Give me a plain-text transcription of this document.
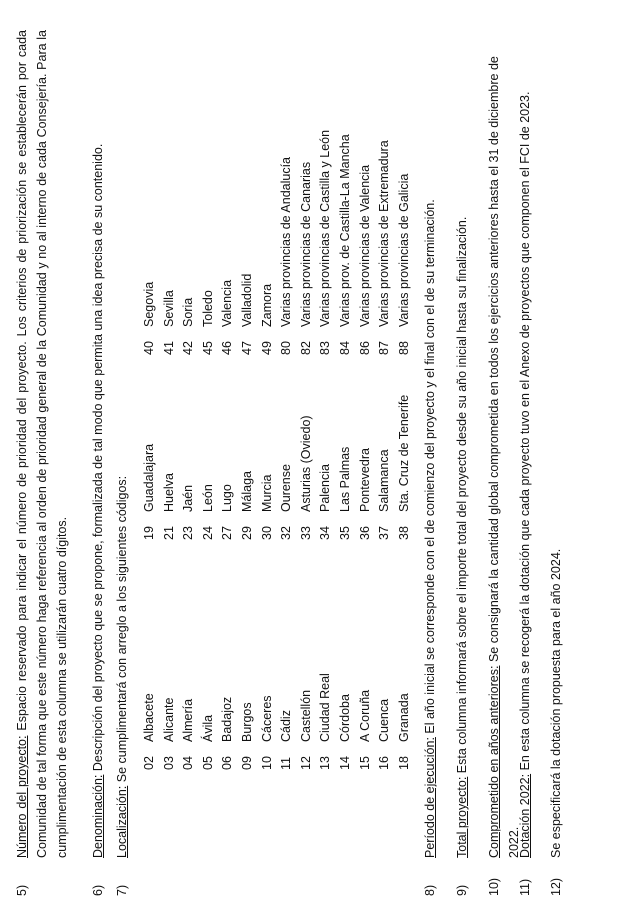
5)Número del proyecto: Espacio reservado para indicar el número de prioridad del proyecto. Los criterios de priorización se establecerán por cada Comunidad de tal forma que este número haga referencia al orden de prioridad general de la Comunidad y no al interno de cada Consejería. Para la cumplimentación de esta columna se utilizarán cuatro dígitos.
6)Denominación: Descripción del proyecto que se propone, formalizada de tal modo que permita una idea precisa de su contenido.
7)Localización: Se cumplimentará con arreglo a los siguientes códigos: 02Albacete
03Alicante
04Almería
05Ávila
06Badajoz
09Burgos
10Cáceres
11Cádiz
12Castellón
13Ciudad Real
14Córdoba
15A Coruña
16Cuenca
18Granada
19Guadalajara
21Huelva
23Jaén
24León
27Lugo
29Málaga
30Murcia
32Ourense
33Asturias (Oviedo)
34Palencia
35Las Palmas
36Pontevedra
37Salamanca
38Sta. Cruz de Tenerife
40Segovia
41Sevilla
42Soria
45Toledo
46Valencia
47Valladolid
49Zamora
80Varias provincias de Andalucía
82Varias provincias de Canarias
83Varias provincias de Castilla y León
84Varias prov. de Castilla-La Mancha
86Varias provincias de Valencia
87Varias provincias de Extremadura
88Varias provincias de Galicia
8)Período de ejecución: El año inicial se corresponde con el de comienzo del proyecto y el final con el de su terminación.
9)Total proyecto: Esta columna informará sobre el importe total del proyecto desde su año inicial hasta su finalización.
10)Comprometido en años anteriores: Se consignará la cantidad global comprometida en todos los ejercicios anteriores hasta el 31 de diciembre de 2022.
11)Dotación 2022: En esta columna se recogerá la dotación que cada proyecto tuvo en el Anexo de proyectos que componen el FCI de 2023.
12)Se especificará la dotación propuesta para el año 2024.
